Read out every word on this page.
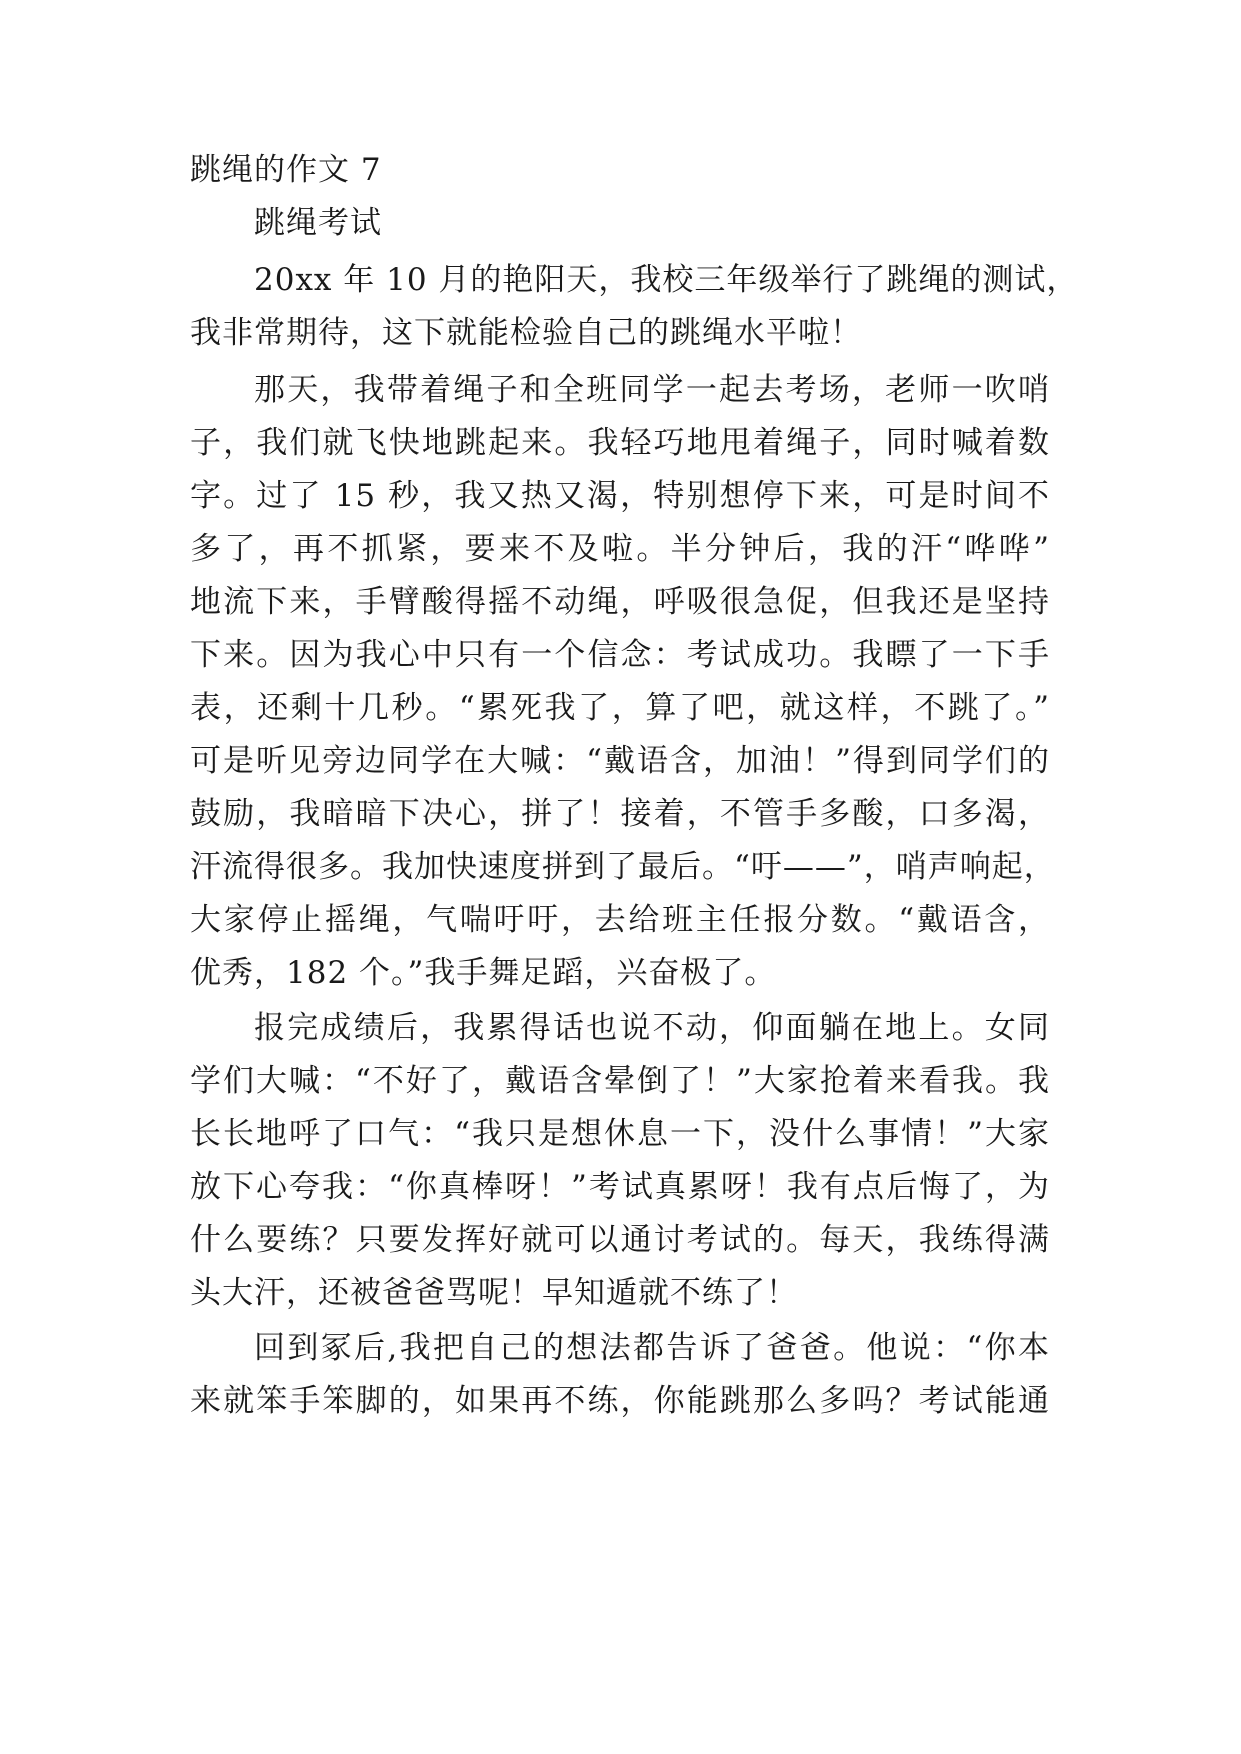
跳绳的作文 7
跳绳考试
20xx 年 10 月的艳阳天，我校三年级举行了跳绳的测试，
我非常期待，这下就能检验自己的跳绳水平啦！
那天，我带着绳子和全班同学一起去考场，老师一吹哨
子，我们就飞快地跳起来。我轻巧地甩着绳子，同时喊着数
字。过了 15 秒，我又热又渴，特别想停下来，可是时间不
多了，再不抓紧，要来不及啦。半分钟后，我的汗“哗哗”
地流下来，手臂酸得摇不动绳，呼吸很急促，但我还是坚持
下来。因为我心中只有一个信念：考试成功。我瞟了一下手
表，还剩十几秒。“累死我了，算了吧，就这样，不跳了。”
可是听见旁边同学在大喊：“戴语含，加油！”得到同学们的
鼓励，我暗暗下决心，拼了！接着，不管手多酸，口多渴，
汗流得很多。我加快速度拼到了最后。“吁——”，哨声响起，
大家停止摇绳，气喘吁吁，去给班主任报分数。“戴语含，
优秀，182 个。”我手舞足蹈，兴奋极了。
报完成绩后，我累得话也说不动，仰面躺在地上。女同
学们大喊：“不好了，戴语含晕倒了！”大家抢着来看我。我
长长地呼了口气：“我只是想休息一下，没什么事情！”大家
放下心夸我：“你真棒呀！”考试真累呀！我有点后悔了，为
什么要练？只要发挥好就可以通讨考试的。每天，我练得满
头大汗，还被爸爸骂呢！早知遁就不练了！
回到冢后,我把自己的想法都告诉了爸爸。他说：“你本
来就笨手笨脚的，如果再不练，你能跳那么多吗？考试能通
